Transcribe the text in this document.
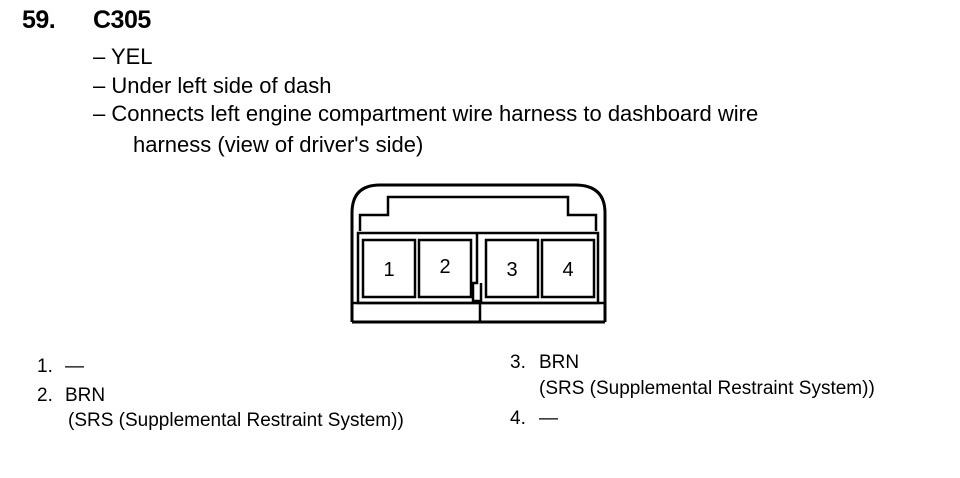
59. C305
– YEL
– Under left side of dash
– Connects left engine compartment wire harness to dashboard wire
harness (view of driver's side)
1 2	3 4
1. —
2. BRN
(SRS (Supplemental Restraint System))
3. BRN
(SRS (Supplemental Restraint System))
4. —
